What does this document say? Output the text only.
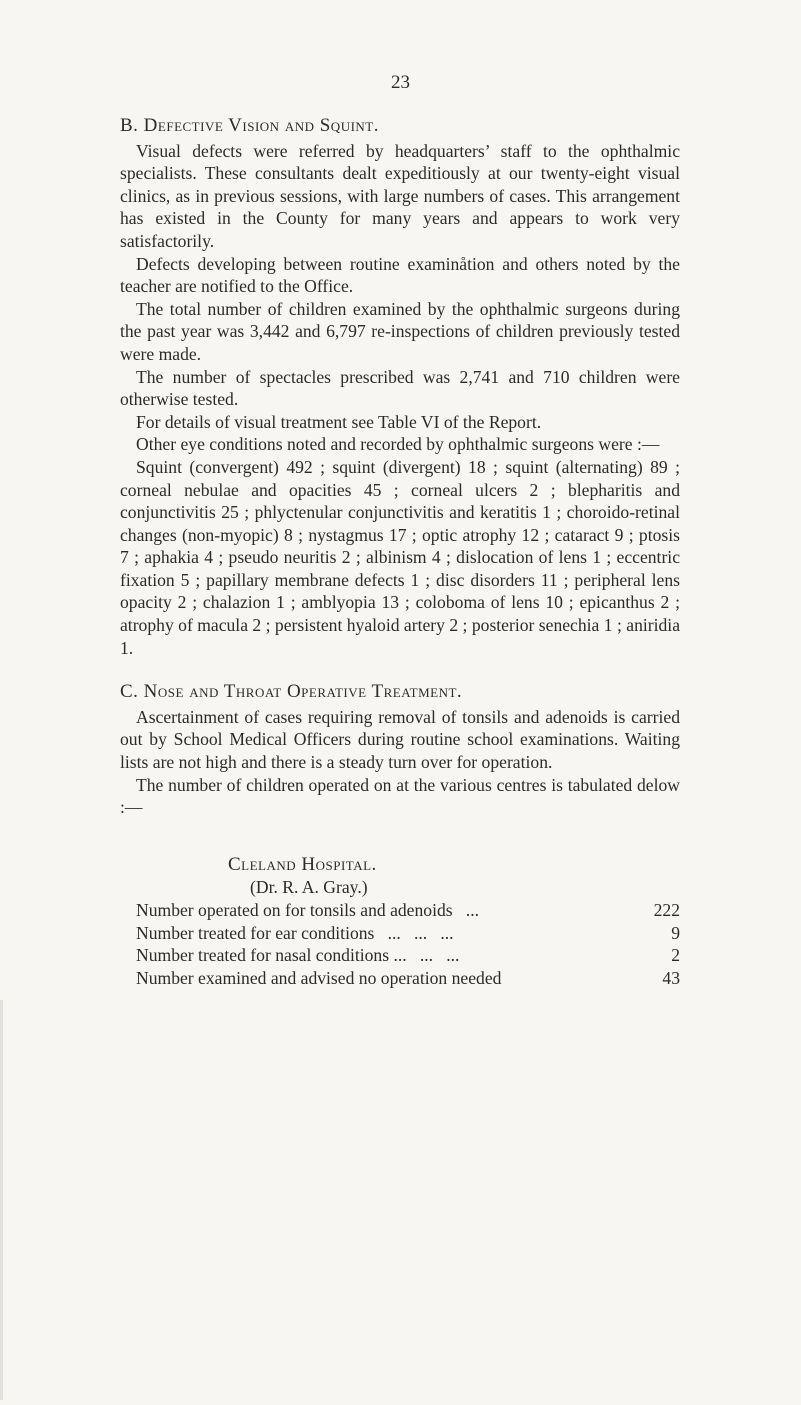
23
B. Defective Vision and Squint.

Visual defects were referred by headquarters’ staff to the ophthalmic specialists. These consultants dealt expeditiously at our twenty-eight visual clinics, as in previous sessions, with large numbers of cases. This arrangement has existed in the County for many years and appears to work very satisfactorily.

Defects developing between routine examinåtion and others noted by the teacher are notified to the Office.

The total number of children examined by the ophthalmic surgeons during the past year was 3,442 and 6,797 re-inspections of children previously tested were made.

The number of spectacles prescribed was 2,741 and 710 children were otherwise tested.

For details of visual treatment see Table VI of the Report.

Other eye conditions noted and recorded by ophthalmic surgeons were :—

Squint (convergent) 492 ; squint (divergent) 18 ; squint (alternating) 89 ; corneal nebulae and opacities 45 ; corneal ulcers 2 ; blepharitis and conjunctivitis 25 ; phlyctenular conjunctivitis and keratitis 1 ; choroido-retinal changes (non-myopic) 8 ; nystagmus 17 ; optic atrophy 12 ; cataract 9 ; ptosis 7 ; aphakia 4 ; pseudo neuritis 2 ; albinism 4 ; dislocation of lens 1 ; eccentric fixation 5 ; papillary membrane defects 1 ; disc disorders 11 ; peripheral lens opacity 2 ; chalazion 1 ; amblyopia 13 ; coloboma of lens 10 ; epicanthus 2 ; atrophy of macula 2 ; persistent hyaloid artery 2 ; posterior senechia 1 ; aniridia 1.

C. Nose and Throat Operative Treatment.

Ascertainment of cases requiring removal of tonsils and adenoids is carried out by School Medical Officers during routine school examinations. Waiting lists are not high and there is a steady turn over for operation.

The number of children operated on at the various centres is tabulated delow :—

Cleland Hospital.
(Dr. R. A. Gray.)
Number operated on for tonsils and adenoids   ...	222
Number treated for ear conditions   ...   ...   ...	9
Number treated for nasal conditions ...   ...   ...	2
Number examined and advised no operation needed	43
